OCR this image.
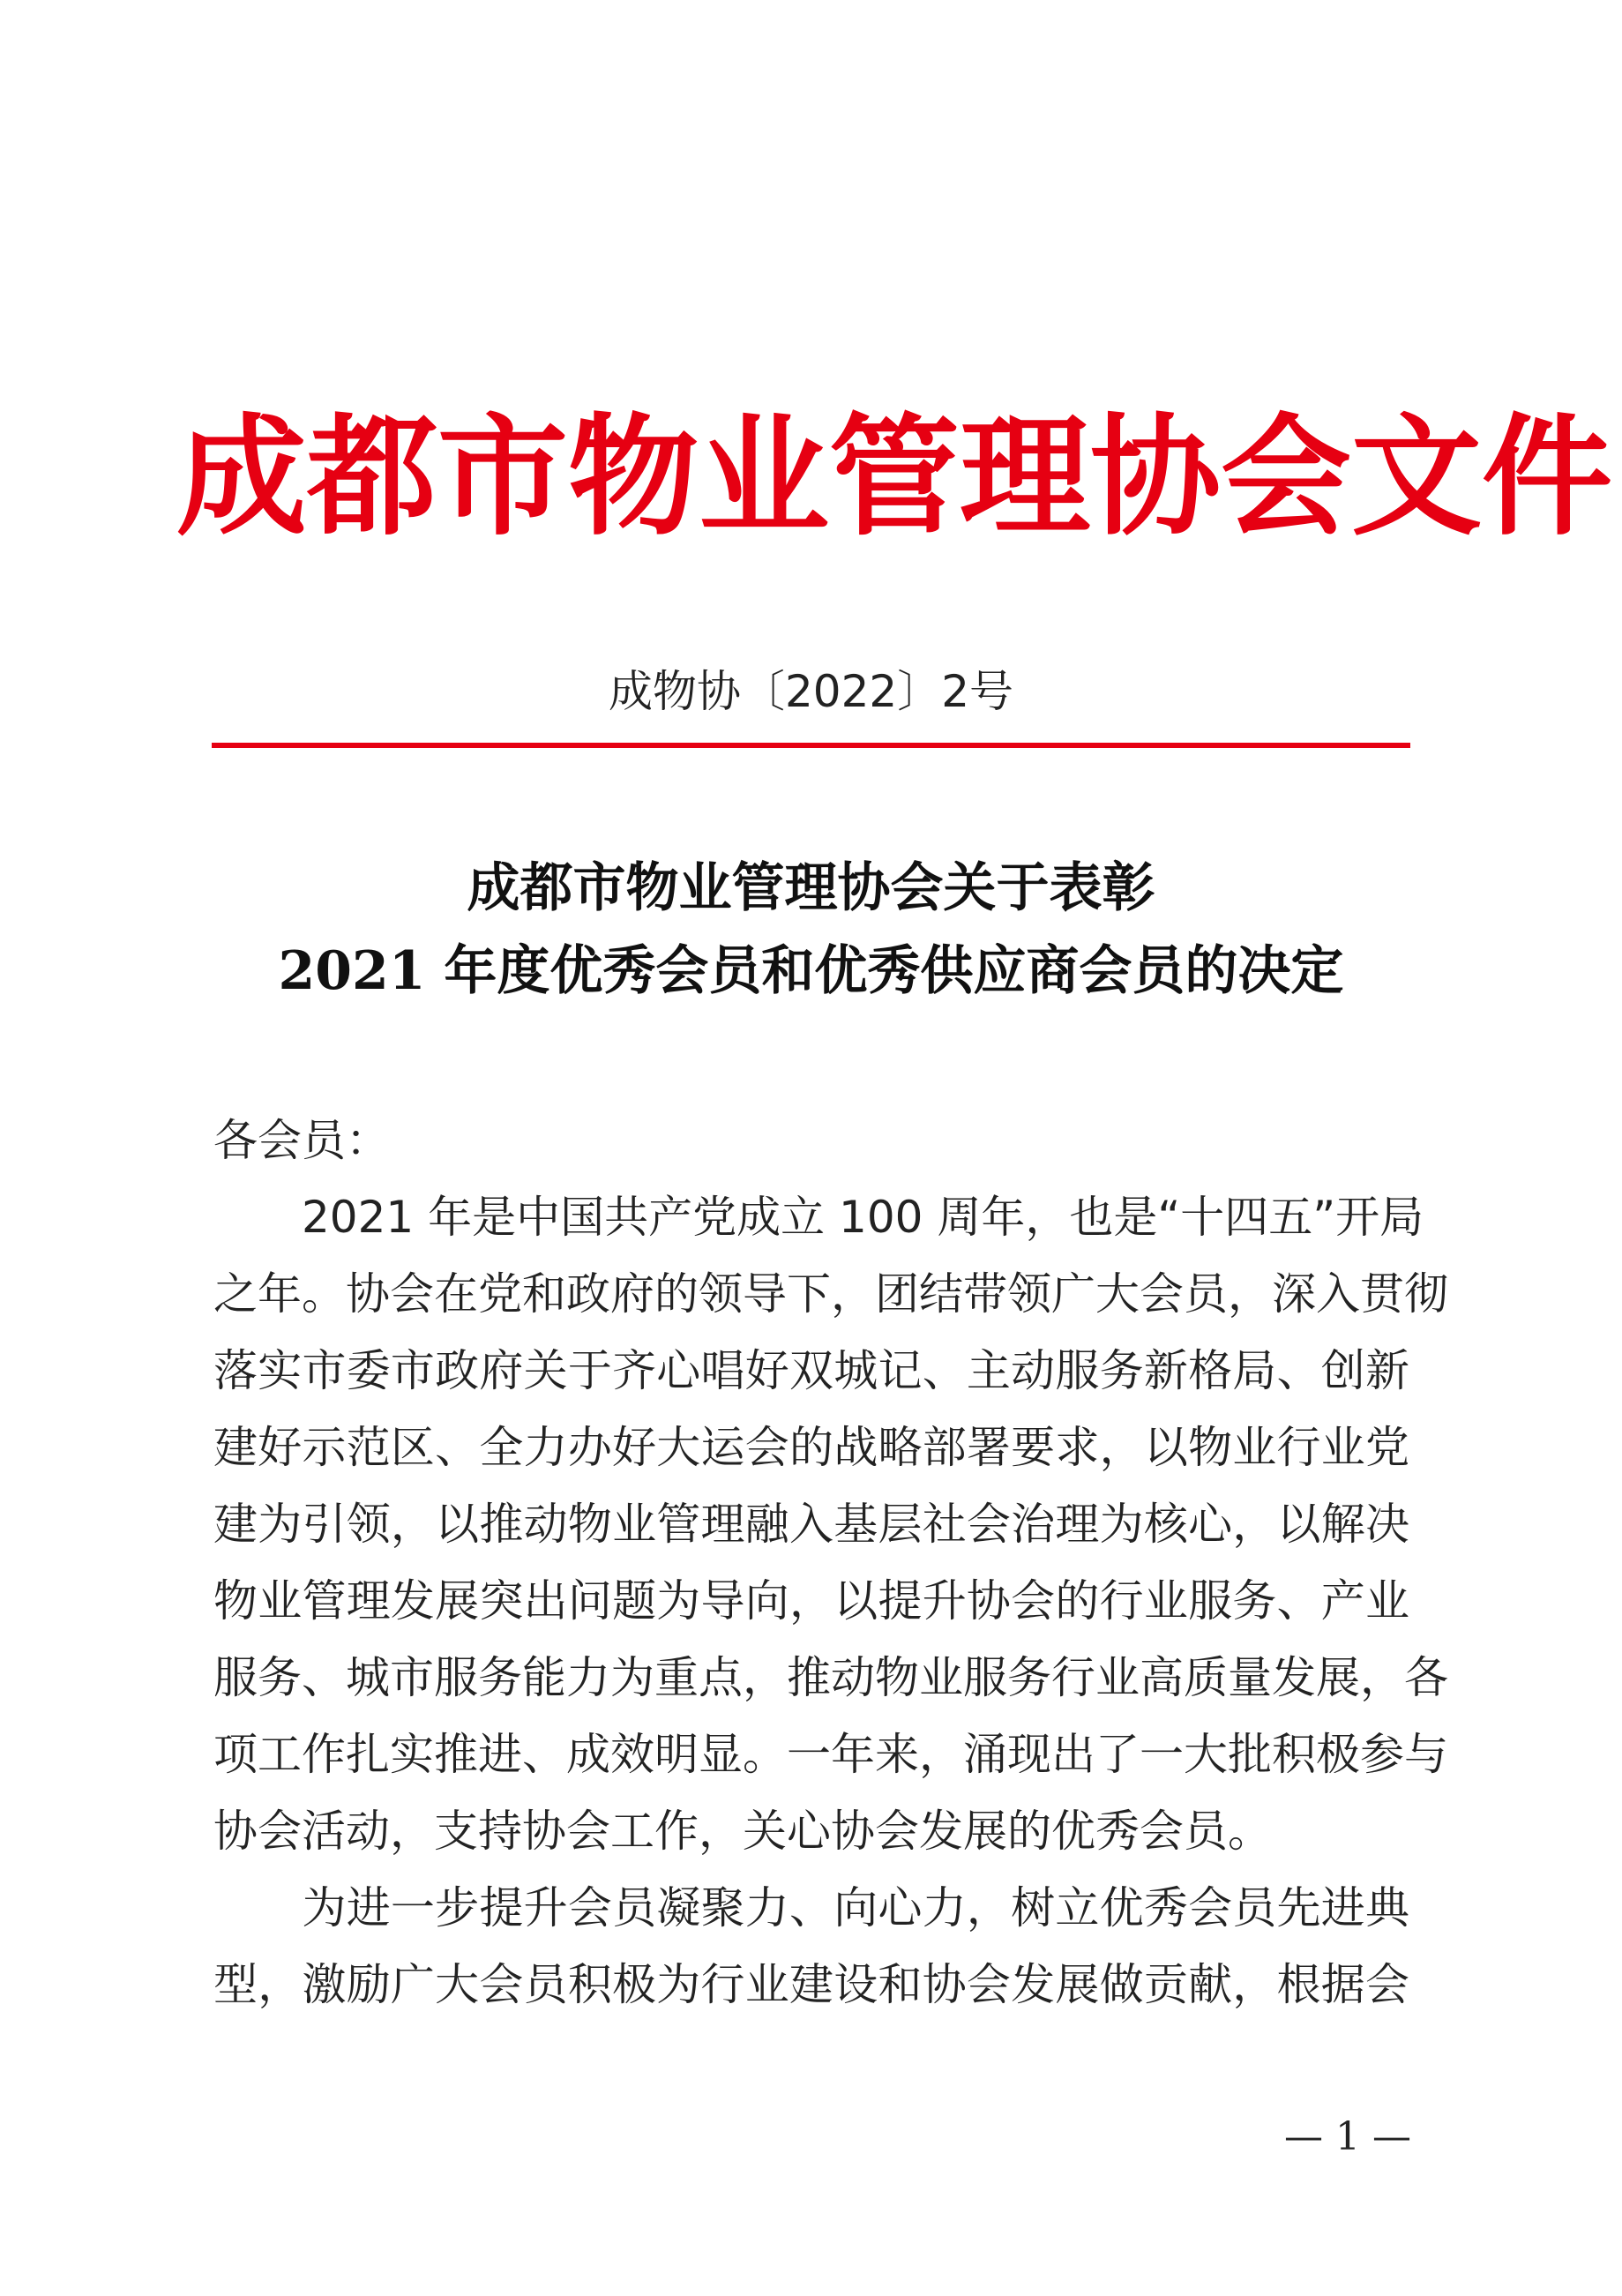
成都市物业管理协会文件
成物协〔2022〕2号
成都市物业管理协会关于表彰
2021 年度优秀会员和优秀供应商会员的决定
各会员：
　　2021 年是中国共产党成立 100 周年，也是“十四五”开局
之年。协会在党和政府的领导下，团结带领广大会员，深入贯彻
落实市委市政府关于齐心唱好双城记、主动服务新格局、创新
建好示范区、全力办好大运会的战略部署要求，以物业行业党
建为引领，以推动物业管理融入基层社会治理为核心，以解决
物业管理发展突出问题为导向，以提升协会的行业服务、产业
服务、城市服务能力为重点，推动物业服务行业高质量发展，各
项工作扎实推进、成效明显。一年来，涌现出了一大批积极参与
协会活动，支持协会工作，关心协会发展的优秀会员。
　　为进一步提升会员凝聚力、向心力，树立优秀会员先进典
型，激励广大会员积极为行业建设和协会发展做贡献，根据会
— 1 —
